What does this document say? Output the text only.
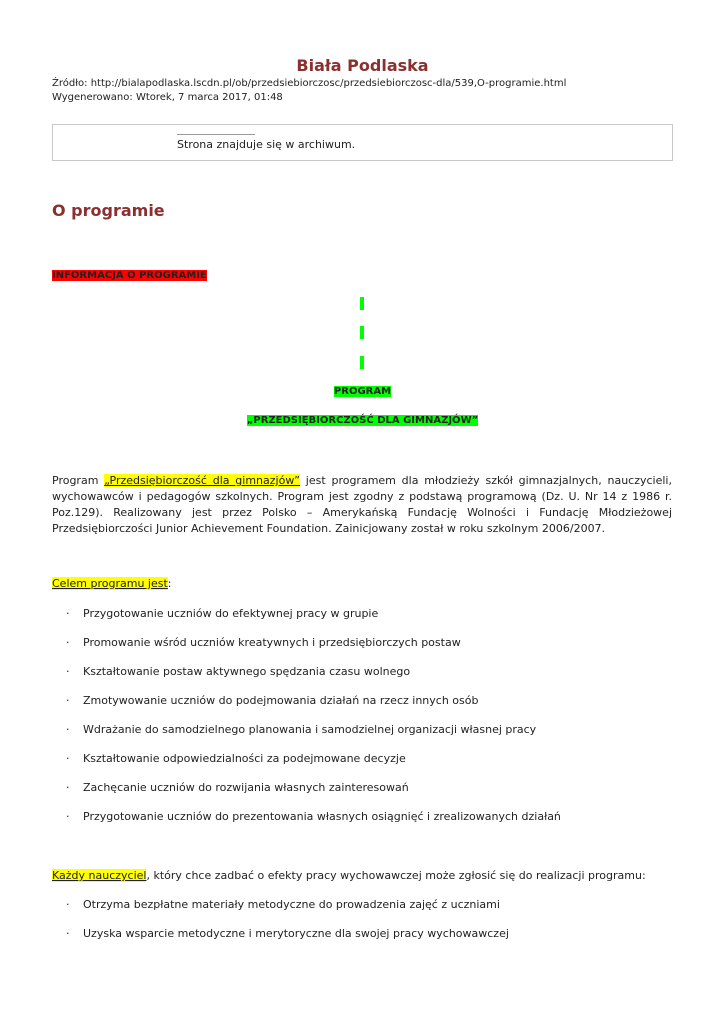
Biała Podlaska
Źródło: http://bialapodlaska.lscdn.pl/ob/przedsiebiorczosc/przedsiebiorczosc-dla/539,O-programie.html
Wygenerowano: Wtorek, 7 marca 2017, 01:48
Strona znajduje się w archiwum.
O programie
INFORMACJA O PROGRAMIE
PROGRAM
„PRZEDSIĘBIORCZOŚĆ DLA GIMNAZJÓW”
Program „Przedsiębiorczość dla gimnazjów” jest programem dla młodzieży szkół gimnazjalnych, nauczycieli, wychowawców i pedagogów szkolnych. Program jest zgodny z podstawą programową (Dz. U. Nr 14 z 1986 r. Poz.129). Realizowany jest przez Polsko – Amerykańską Fundację Wolności i Fundację Młodzieżowej Przedsiębiorczości Junior Achievement Foundation. Zainicjowany został w roku szkolnym 2006/2007.
Celem programu jest:
· Przygotowanie uczniów do efektywnej pracy w grupie
· Promowanie wśród uczniów kreatywnych i przedsiębiorczych postaw
· Kształtowanie postaw aktywnego spędzania czasu wolnego
· Zmotywowanie uczniów do podejmowania działań na rzecz innych osób
· Wdrażanie do samodzielnego planowania i samodzielnej organizacji własnej pracy
· Kształtowanie odpowiedzialności za podejmowane decyzje
· Zachęcanie uczniów do rozwijania własnych zainteresowań
· Przygotowanie uczniów do prezentowania własnych osiągnięć i zrealizowanych działań
Każdy nauczyciel, który chce zadbać o efekty pracy wychowawczej może zgłosić się do realizacji programu:
· Otrzyma bezpłatne materiały metodyczne do prowadzenia zajęć z uczniami
· Uzyska wsparcie metodyczne i merytoryczne dla swojej pracy wychowawczej
